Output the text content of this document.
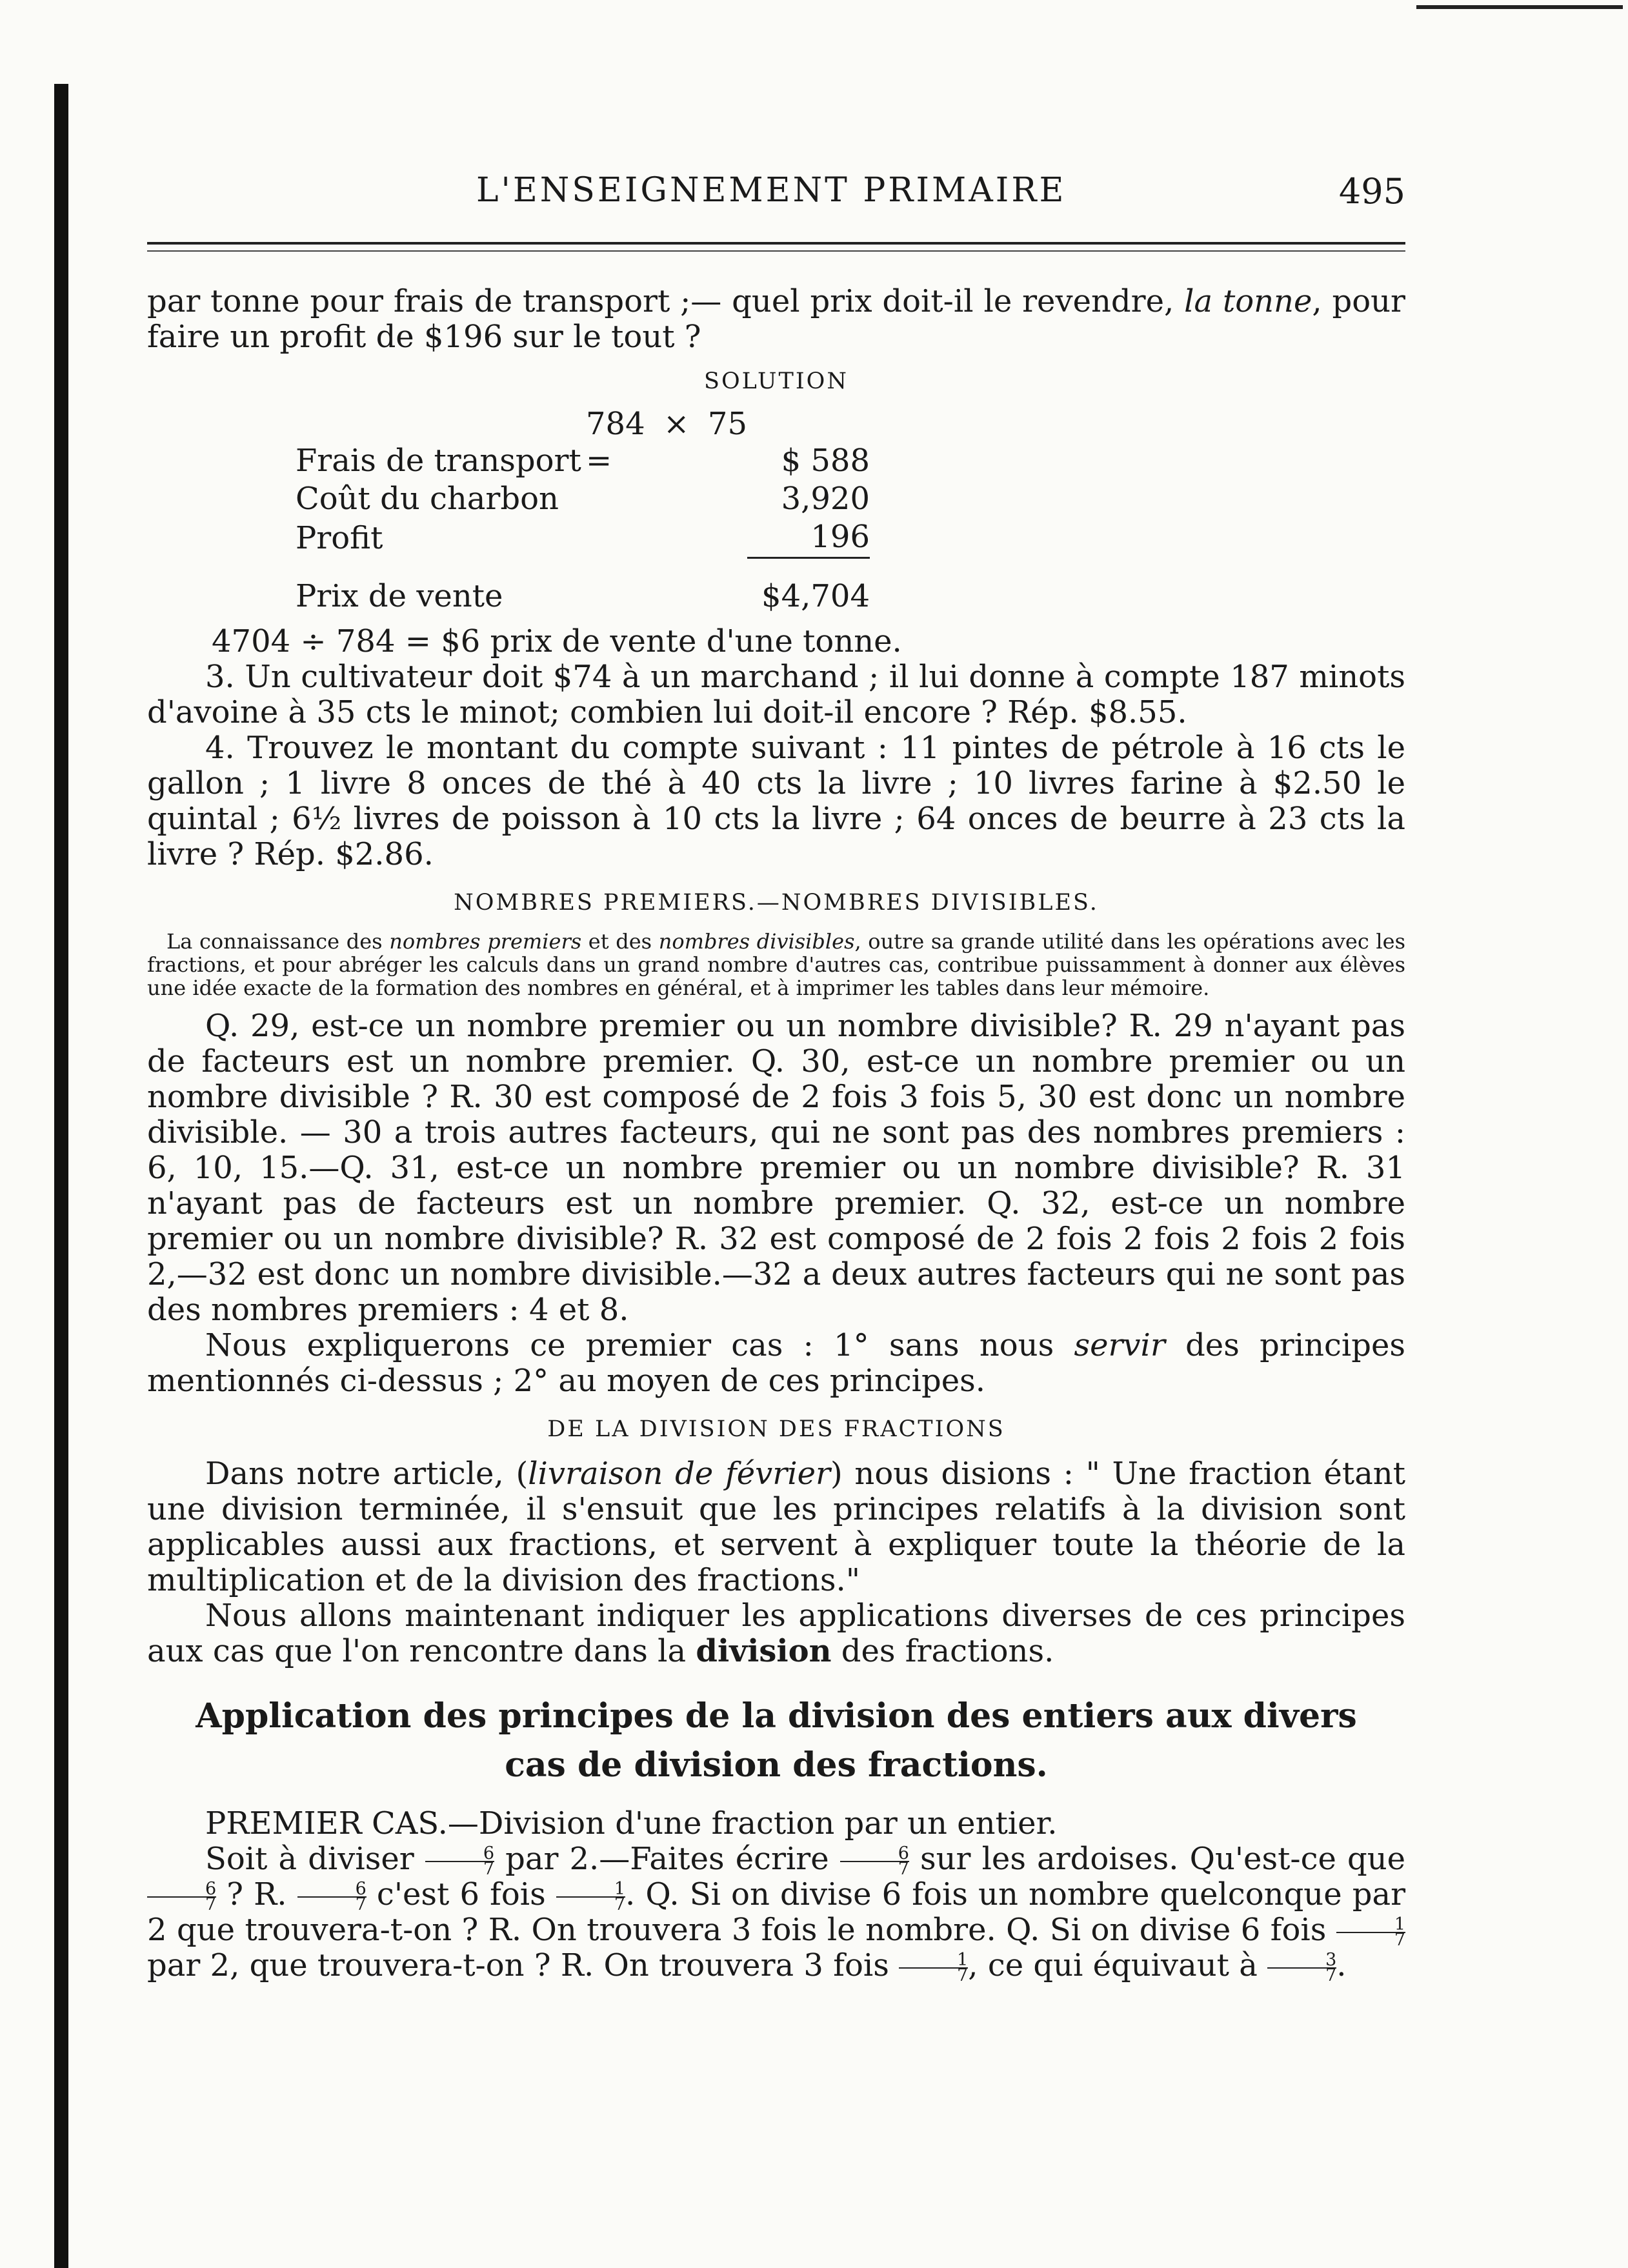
L'ENSEIGNEMENT PRIMAIRE	495

par tonne pour frais de transport ;— quel prix doit-il le revendre, la tonne, pour faire un profit de $196 sur le tout ?

SOLUTION
Frais de transport	784 × 75 =	$ 588
Coût du charbon		3,920
Profit		196
Prix de vente		$4,704

4704 ÷ 784 = $6 prix de vente d'une tonne.

3. Un cultivateur doit $74 à un marchand ; il lui donne à compte 187 minots d'avoine à 35 cts le minot; combien lui doit-il encore ? Rép. $8.55.

4. Trouvez le montant du compte suivant : 11 pintes de pétrole à 16 cts le gallon ; 1 livre 8 onces de thé à 40 cts la livre ; 10 livres farine à $2.50 le quintal ; 6½ livres de poisson à 10 cts la livre ; 64 onces de beurre à 23 cts la livre ? Rép. $2.86.

NOMBRES PREMIERS.—NOMBRES DIVISIBLES.

La connaissance des nombres premiers et des nombres divisibles, outre sa grande utilité dans les opérations avec les fractions, et pour abréger les calculs dans un grand nombre d'autres cas, contribue puissamment à donner aux élèves une idée exacte de la formation des nombres en général, et à imprimer les tables dans leur mémoire.

Q. 29, est-ce un nombre premier ou un nombre divisible? R. 29 n'ayant pas de facteurs est un nombre premier. Q. 30, est-ce un nombre premier ou un nombre divisible ? R. 30 est composé de 2 fois 3 fois 5, 30 est donc un nombre divisible. — 30 a trois autres facteurs, qui ne sont pas des nombres premiers : 6, 10, 15.—Q. 31, est-ce un nombre premier ou un nombre divisible? R. 31 n'ayant pas de facteurs est un nombre premier. Q. 32, est-ce un nombre premier ou un nombre divisible? R. 32 est composé de 2 fois 2 fois 2 fois 2 fois 2,—32 est donc un nombre divisible.—32 a deux autres facteurs qui ne sont pas des nombres premiers : 4 et 8.

Nous expliquerons ce premier cas : 1° sans nous servir des principes mentionnés ci-dessus ; 2° au moyen de ces principes.

DE LA DIVISION DES FRACTIONS

Dans notre article, (livraison de février) nous disions : " Une fraction étant une division terminée, il s'ensuit que les principes relatifs à la division sont applicables aussi aux fractions, et servent à expliquer toute la théorie de la multiplication et de la division des fractions."

Nous allons maintenant indiquer les applications diverses de ces principes aux cas que l'on rencontre dans la division des fractions.

Application des principes de la division des entiers aux divers
cas de division des fractions.

PREMIER CAS.—Division d'une fraction par un entier.

Soit à diviser $\frac{6}{7}$ par 2.—Faites écrire $\frac{6}{7}$ sur les ardoises. Qu'est-ce que
$\frac{6}{7}$ ? R. $\frac{6}{7} c'est$ 6 fois $\frac{1}{7}$ . Q. Si on divise 6 fois un nombre quelconque par 2 que trouvera-t-on ? R. On trouvera 3 fois le nombre. Q. Si on divise 6 fois $\frac{1}{7}$
par 2, que trouvera-t-on ? R. On trouvera 3 fois $\frac{1}{7}$ , ce qui équivaut à $\frac{3}{7}$ .
